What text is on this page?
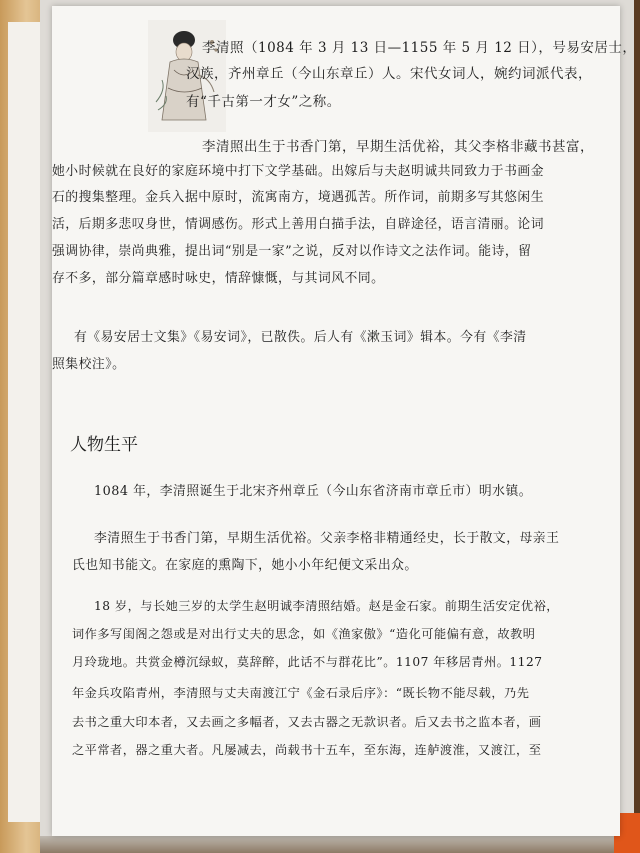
李清照（1084 年 3 月 13 日—1155 年 5 月 12 日），号易安居士，
汉族，齐州章丘（今山东章丘）人。宋代女词人，婉约词派代表，
有“千古第一才女”之称。
李清照出生于书香门第，早期生活优裕，其父李格非藏书甚富，
她小时候就在良好的家庭环境中打下文学基础。出嫁后与夫赵明诚共同致力于书画金
石的搜集整理。金兵入据中原时，流寓南方，境遇孤苦。所作词，前期多写其悠闲生
活，后期多悲叹身世，情调感伤。形式上善用白描手法，自辟途径，语言清丽。论词
强调协律，崇尚典雅，提出词“别是一家”之说，反对以作诗文之法作词。能诗，留
存不多，部分篇章感时咏史，情辞慷慨，与其词风不同。
有《易安居士文集》《易安词》，已散佚。后人有《漱玉词》辑本。今有《李清
照集校注》。
人物生平
1084 年，李清照诞生于北宋齐州章丘（今山东省济南市章丘市）明水镇。
李清照生于书香门第，早期生活优裕。父亲李格非精通经史，长于散文，母亲王
氏也知书能文。在家庭的熏陶下，她小小年纪便文采出众。
18 岁，与长她三岁的太学生赵明诚李清照结婚。赵是金石家。前期生活安定优裕，
词作多写闺阁之怨或是对出行丈夫的思念，如《渔家傲》“造化可能偏有意，故教明
月玲珑地。共赏金樽沉绿蚁，莫辞醉，此话不与群花比”。1107 年移居青州。1127
年金兵攻陷青州，李清照与丈夫南渡江宁《金石录后序》：“既长物不能尽载，乃先
去书之重大印本者，又去画之多幅者，又去古器之无款识者。后又去书之监本者，画
之平常者，器之重大者。凡屡减去，尚载书十五车，至东海，连舻渡淮，又渡江，至
